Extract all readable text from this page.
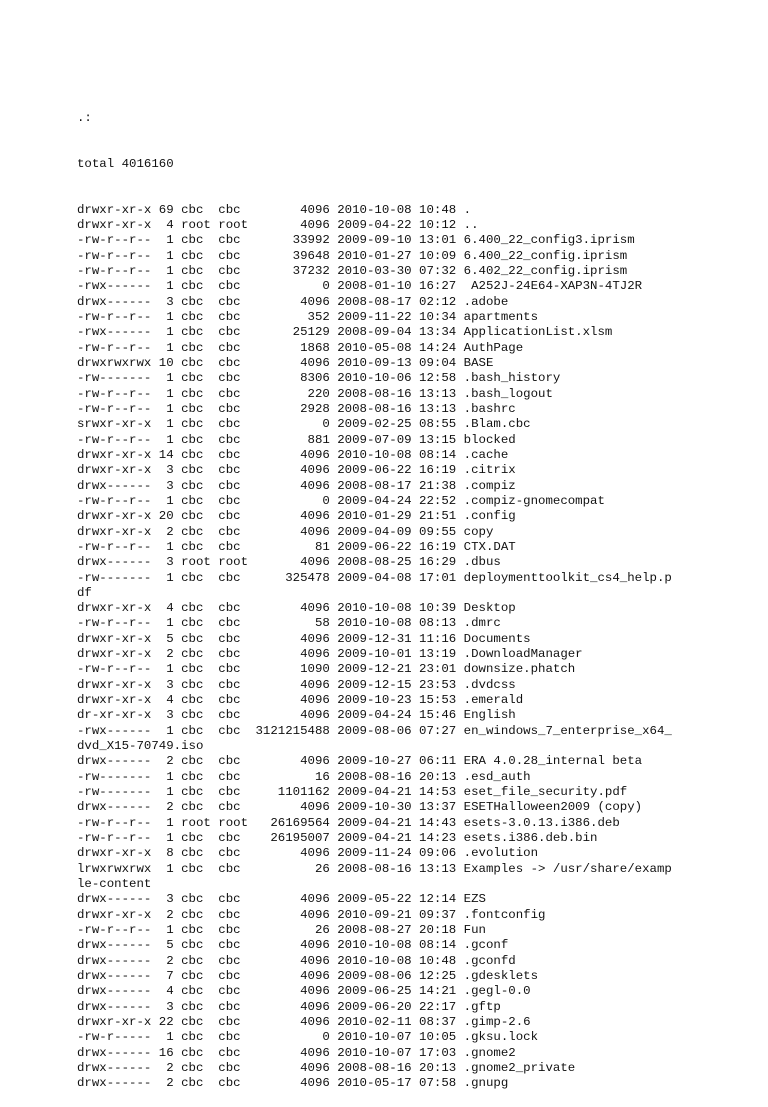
.:

total 4016160

drwxr-xr-x 69 cbc  cbc        4096 2010-10-08 10:48 .
drwxr-xr-x  4 root root       4096 2009-04-22 10:12 ..
-rw-r--r--  1 cbc  cbc       33992 2009-09-10 13:01 6.400_22_config3.iprism
-rw-r--r--  1 cbc  cbc       39648 2010-01-27 10:09 6.400_22_config.iprism
-rw-r--r--  1 cbc  cbc       37232 2010-03-30 07:32 6.402_22_config.iprism
-rwx------  1 cbc  cbc           0 2008-01-10 16:27  A252J-24E64-XAP3N-4TJ2R
drwx------  3 cbc  cbc        4096 2008-08-17 02:12 .adobe
-rw-r--r--  1 cbc  cbc         352 2009-11-22 10:34 apartments
-rwx------  1 cbc  cbc       25129 2008-09-04 13:34 ApplicationList.xlsm
-rw-r--r--  1 cbc  cbc        1868 2010-05-08 14:24 AuthPage
drwxrwxrwx 10 cbc  cbc        4096 2010-09-13 09:04 BASE
-rw-------  1 cbc  cbc        8306 2010-10-06 12:58 .bash_history
-rw-r--r--  1 cbc  cbc         220 2008-08-16 13:13 .bash_logout
-rw-r--r--  1 cbc  cbc        2928 2008-08-16 13:13 .bashrc
srwxr-xr-x  1 cbc  cbc           0 2009-02-25 08:55 .Blam.cbc
-rw-r--r--  1 cbc  cbc         881 2009-07-09 13:15 blocked
drwxr-xr-x 14 cbc  cbc        4096 2010-10-08 08:14 .cache
drwxr-xr-x  3 cbc  cbc        4096 2009-06-22 16:19 .citrix
drwx------  3 cbc  cbc        4096 2008-08-17 21:38 .compiz
-rw-r--r--  1 cbc  cbc           0 2009-04-24 22:52 .compiz-gnomecompat
drwxr-xr-x 20 cbc  cbc        4096 2010-01-29 21:51 .config
drwxr-xr-x  2 cbc  cbc        4096 2009-04-09 09:55 copy
-rw-r--r--  1 cbc  cbc          81 2009-06-22 16:19 CTX.DAT
drwx------  3 root root       4096 2008-08-25 16:29 .dbus
-rw-------  1 cbc  cbc      325478 2009-04-08 17:01 deploymenttoolkit_cs4_help.p
df
drwxr-xr-x  4 cbc  cbc        4096 2010-10-08 10:39 Desktop
-rw-r--r--  1 cbc  cbc          58 2010-10-08 08:13 .dmrc
drwxr-xr-x  5 cbc  cbc        4096 2009-12-31 11:16 Documents
drwxr-xr-x  2 cbc  cbc        4096 2009-10-01 13:19 .DownloadManager
-rw-r--r--  1 cbc  cbc        1090 2009-12-21 23:01 downsize.phatch
drwxr-xr-x  3 cbc  cbc        4096 2009-12-15 23:53 .dvdcss
drwxr-xr-x  4 cbc  cbc        4096 2009-10-23 15:53 .emerald
dr-xr-xr-x  3 cbc  cbc        4096 2009-04-24 15:46 English
-rwx------  1 cbc  cbc  3121215488 2009-08-06 07:27 en_windows_7_enterprise_x64_
dvd_X15-70749.iso
drwx------  2 cbc  cbc        4096 2009-10-27 06:11 ERA 4.0.28_internal beta
-rw-------  1 cbc  cbc          16 2008-08-16 20:13 .esd_auth
-rw-------  1 cbc  cbc     1101162 2009-04-21 14:53 eset_file_security.pdf
drwx------  2 cbc  cbc        4096 2009-10-30 13:37 ESETHalloween2009 (copy)
-rw-r--r--  1 root root   26169564 2009-04-21 14:43 esets-3.0.13.i386.deb
-rw-r--r--  1 cbc  cbc    26195007 2009-04-21 14:23 esets.i386.deb.bin
drwxr-xr-x  8 cbc  cbc        4096 2009-11-24 09:06 .evolution
lrwxrwxrwx  1 cbc  cbc          26 2008-08-16 13:13 Examples -> /usr/share/examp
le-content
drwx------  3 cbc  cbc        4096 2009-05-22 12:14 EZS
drwxr-xr-x  2 cbc  cbc        4096 2010-09-21 09:37 .fontconfig
-rw-r--r--  1 cbc  cbc          26 2008-08-27 20:18 Fun
drwx------  5 cbc  cbc        4096 2010-10-08 08:14 .gconf
drwx------  2 cbc  cbc        4096 2010-10-08 10:48 .gconfd
drwx------  7 cbc  cbc        4096 2009-08-06 12:25 .gdesklets
drwx------  4 cbc  cbc        4096 2009-06-25 14:21 .gegl-0.0
drwx------  3 cbc  cbc        4096 2009-06-20 22:17 .gftp
drwxr-xr-x 22 cbc  cbc        4096 2010-02-11 08:37 .gimp-2.6
-rw-r-----  1 cbc  cbc           0 2010-10-07 10:05 .gksu.lock
drwx------ 16 cbc  cbc        4096 2010-10-07 17:03 .gnome2
drwx------  2 cbc  cbc        4096 2008-08-16 20:13 .gnome2_private
drwx------  2 cbc  cbc        4096 2010-05-17 07:58 .gnupg
